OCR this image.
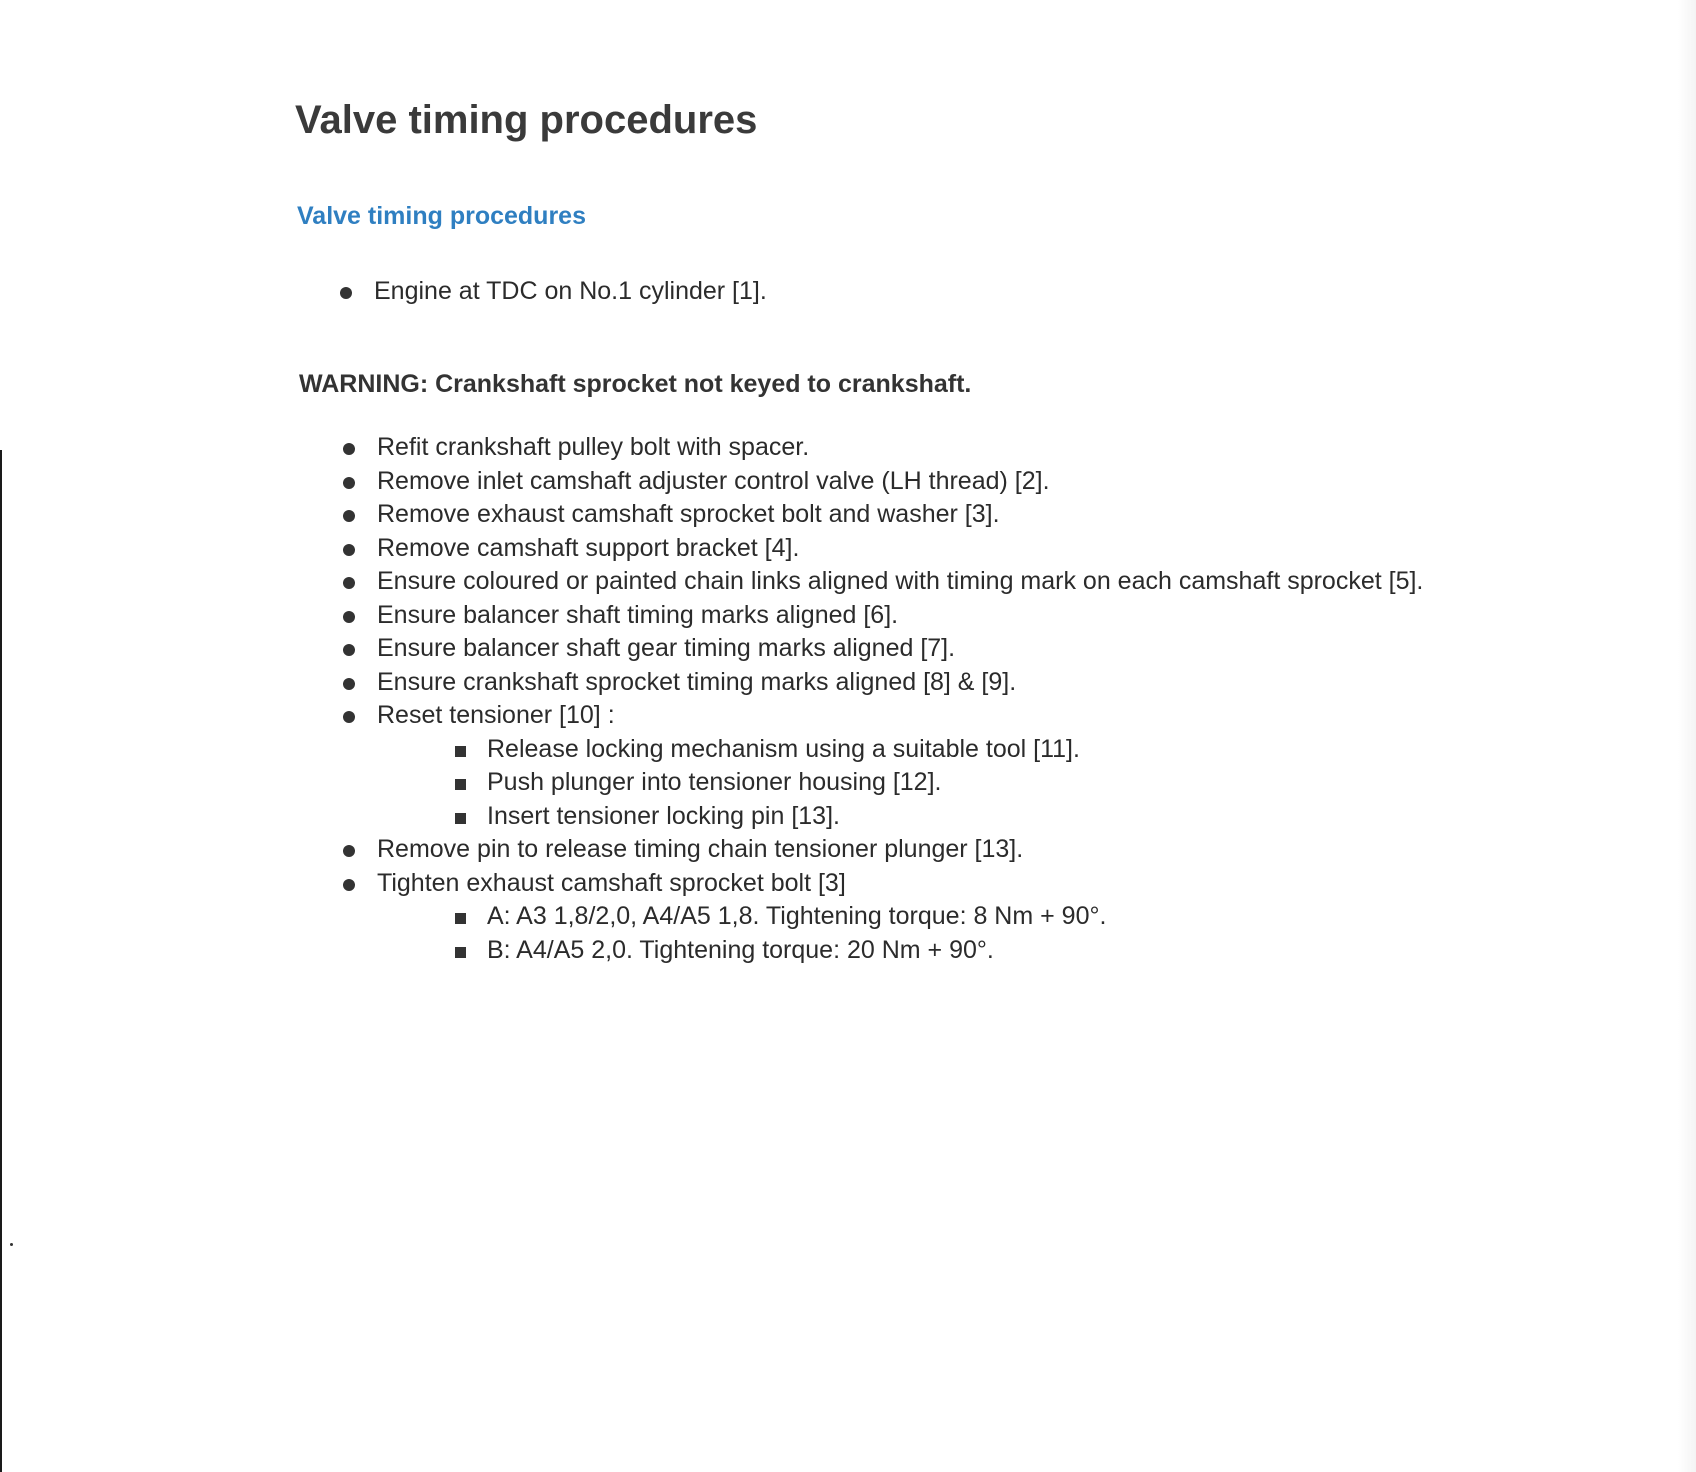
Valve timing procedures
Valve timing procedures
Engine at TDC on No.1 cylinder [1].

WARNING: Crankshaft sprocket not keyed to crankshaft.

Refit crankshaft pulley bolt with spacer.
Remove inlet camshaft adjuster control valve (LH thread) [2].
Remove exhaust camshaft sprocket bolt and washer [3].
Remove camshaft support bracket [4].
Ensure coloured or painted chain links aligned with timing mark on each camshaft sprocket [5].
Ensure balancer shaft timing marks aligned [6].
Ensure balancer shaft gear timing marks aligned [7].
Ensure crankshaft sprocket timing marks aligned [8] & [9].
Reset tensioner [10] :
Release locking mechanism using a suitable tool [11].
Push plunger into tensioner housing [12].
Insert tensioner locking pin [13].
Remove pin to release timing chain tensioner plunger [13].
Tighten exhaust camshaft sprocket bolt [3]
A: A3 1,8/2,0, A4/A5 1,8. Tightening torque: 8 Nm + 90°.
B: A4/A5 2,0. Tightening torque: 20 Nm + 90°.
